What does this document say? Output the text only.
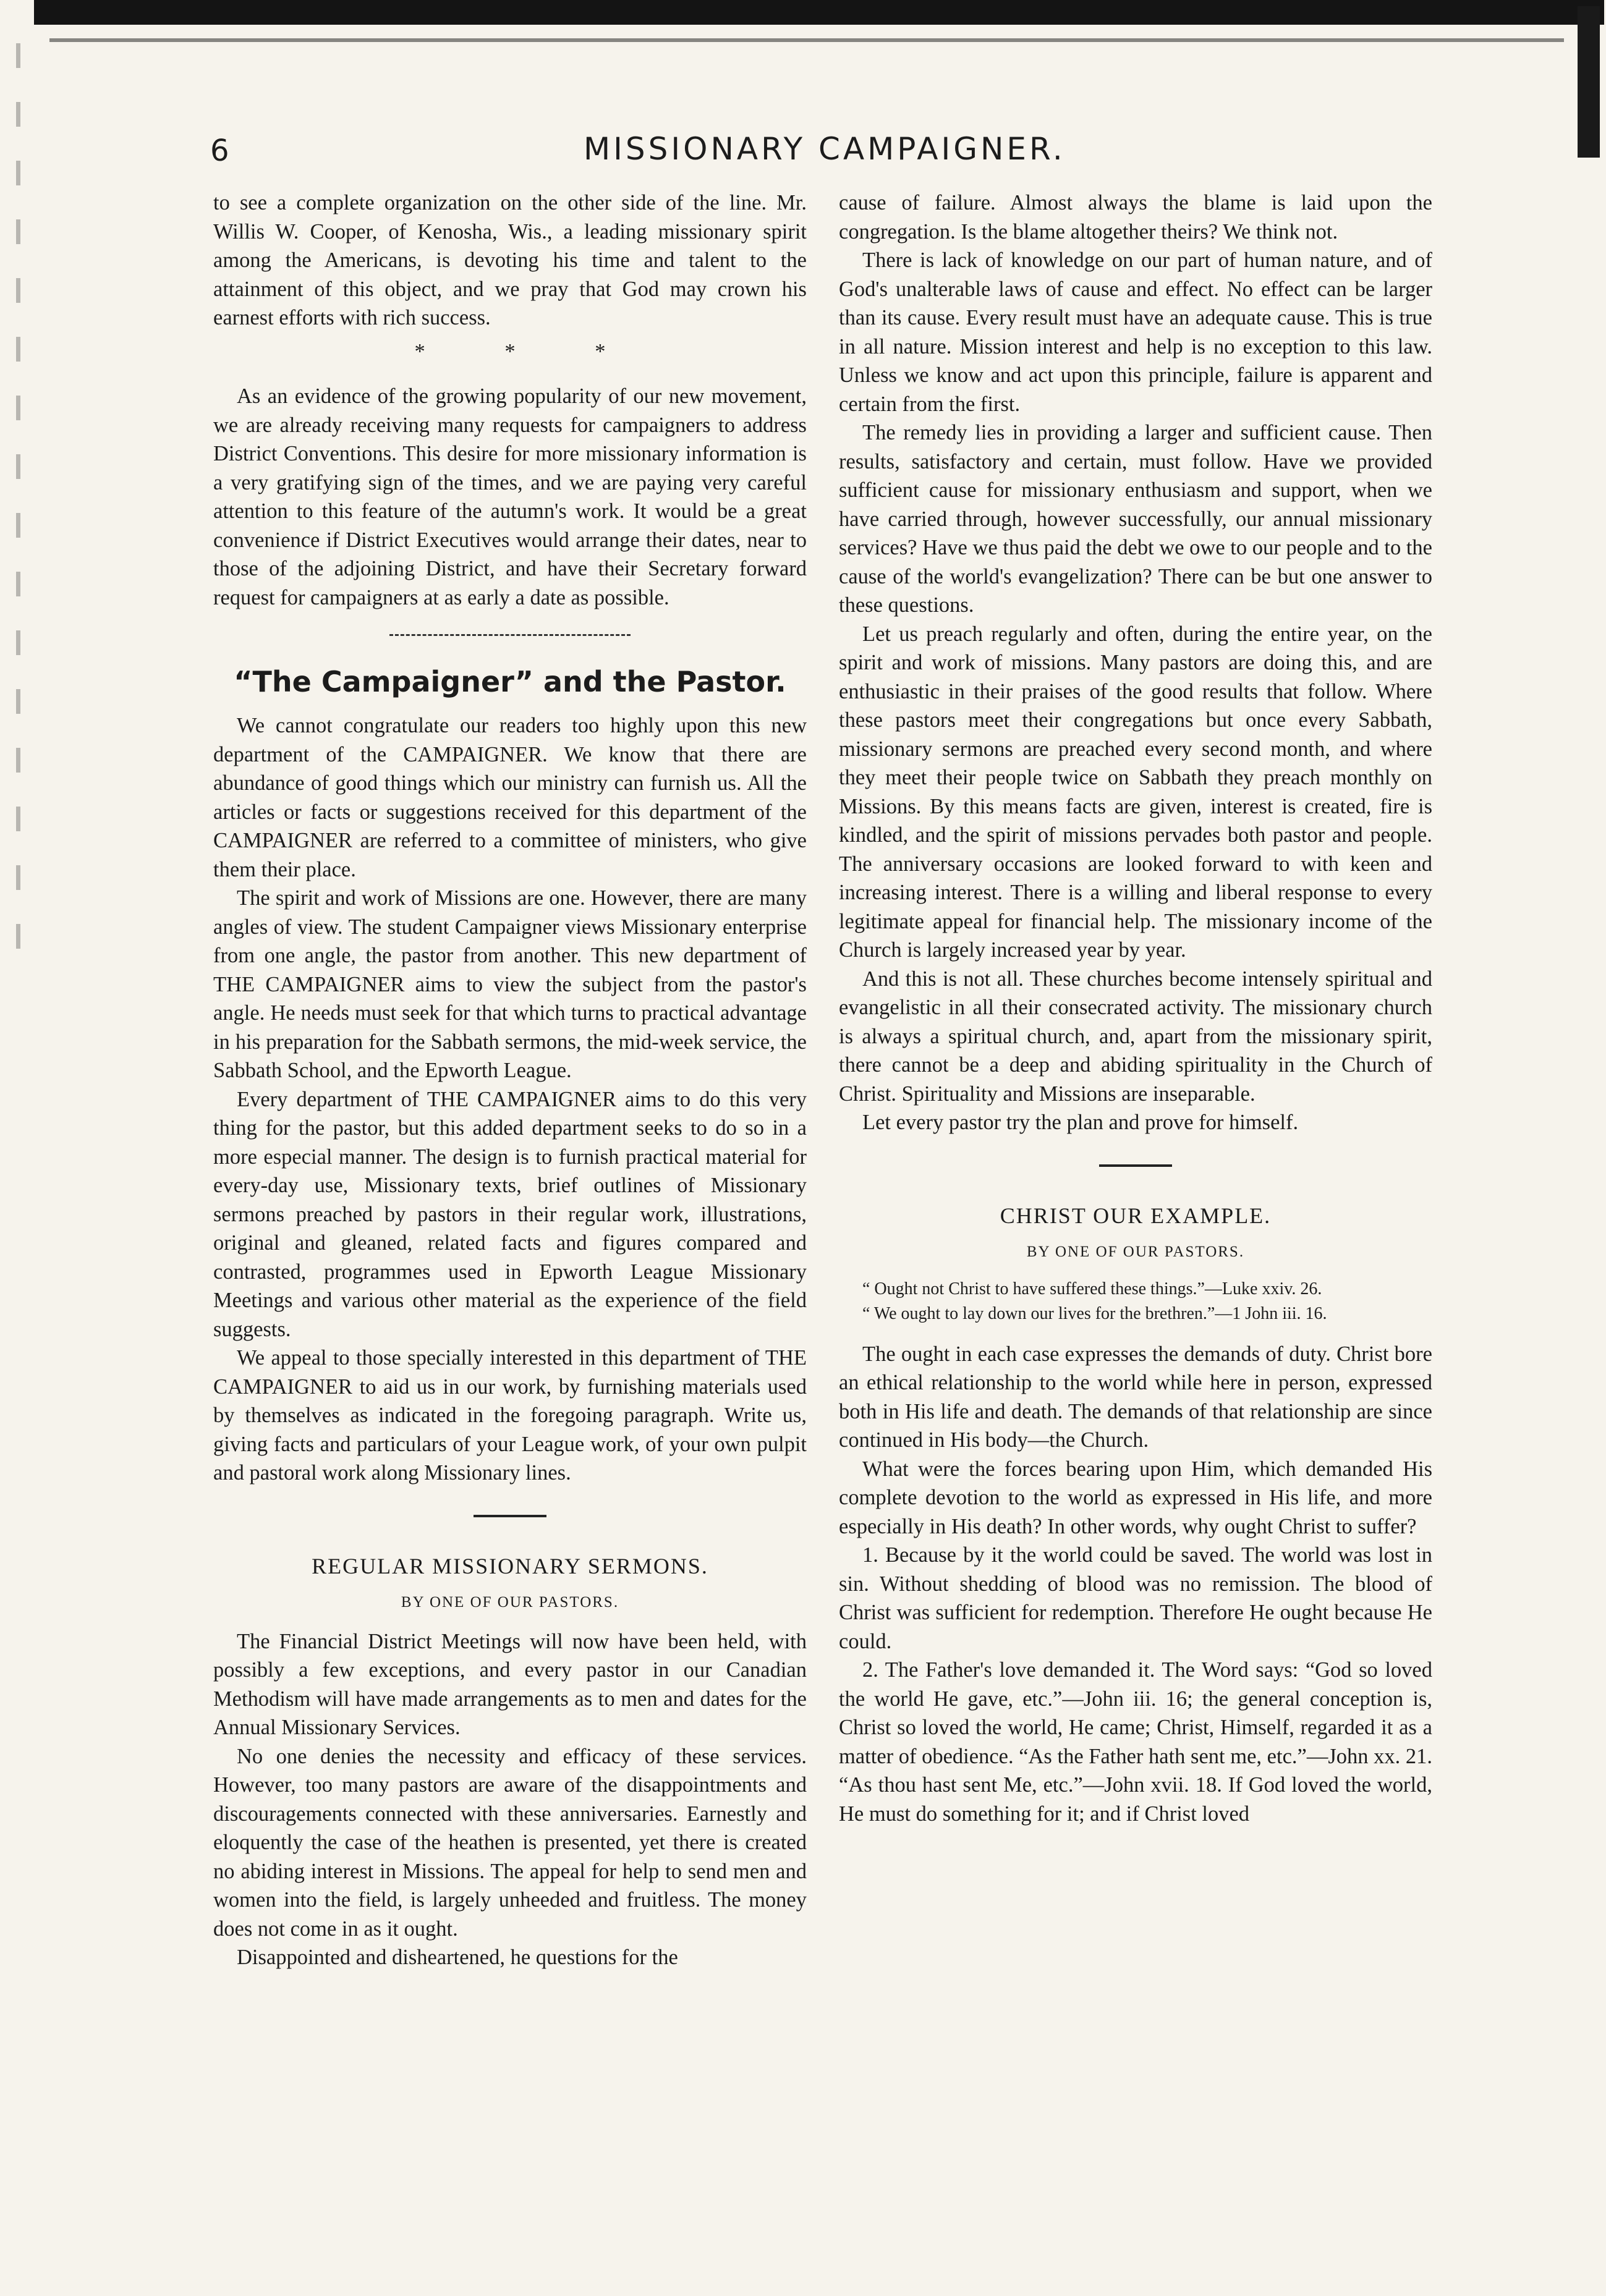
6	MISSIONARY CAMPAIGNER.

to see a complete organization on the other side of the line. Mr. Willis W. Cooper, of Kenosha, Wis., a leading missionary spirit among the Americans, is devoting his time and talent to the attainment of this object, and we pray that God may crown his earnest efforts with rich success.

* * *

As an evidence of the growing popularity of our new movement, we are already receiving many requests for campaigners to address District Conventions. This desire for more missionary information is a very gratifying sign of the times, and we are paying very careful attention to this feature of the autumn's work. It would be a great convenience if District Executives would arrange their dates, near to those of the adjoining District, and have their Secretary forward request for campaigners at as early a date as possible.

“The Campaigner” and the Pastor.

We cannot congratulate our readers too highly upon this new department of the CAMPAIGNER. We know that there are abundance of good things which our ministry can furnish us. All the articles or facts or suggestions received for this department of the CAMPAIGNER are referred to a committee of ministers, who give them their place.

The spirit and work of Missions are one. However, there are many angles of view. The student Campaigner views Missionary enterprise from one angle, the pastor from another. This new department of THE CAMPAIGNER aims to view the subject from the pastor's angle. He needs must seek for that which turns to practical advantage in his preparation for the Sabbath sermons, the mid-week service, the Sabbath School, and the Epworth League.

Every department of THE CAMPAIGNER aims to do this very thing for the pastor, but this added department seeks to do so in a more especial manner. The design is to furnish practical material for every-day use, Missionary texts, brief outlines of Missionary sermons preached by pastors in their regular work, illustrations, original and gleaned, related facts and figures compared and contrasted, programmes used in Epworth League Missionary Meetings and various other material as the experience of the field suggests.

We appeal to those specially interested in this department of THE CAMPAIGNER to aid us in our work, by furnishing materials used by themselves as indicated in the foregoing paragraph. Write us, giving facts and particulars of your League work, of your own pulpit and pastoral work along Missionary lines.

REGULAR MISSIONARY SERMONS.
BY ONE OF OUR PASTORS.

The Financial District Meetings will now have been held, with possibly a few exceptions, and every pastor in our Canadian Methodism will have made arrangements as to men and dates for the Annual Missionary Services.

No one denies the necessity and efficacy of these services. However, too many pastors are aware of the disappointments and discouragements connected with these anniversaries. Earnestly and eloquently the case of the heathen is presented, yet there is created no abiding interest in Missions. The appeal for help to send men and women into the field, is largely unheeded and fruitless. The money does not come in as it ought.

Disappointed and disheartened, he questions for the

cause of failure. Almost always the blame is laid upon the congregation. Is the blame altogether theirs? We think not.

There is lack of knowledge on our part of human nature, and of God's unalterable laws of cause and effect. No effect can be larger than its cause. Every result must have an adequate cause. This is true in all nature. Mission interest and help is no exception to this law. Unless we know and act upon this principle, failure is apparent and certain from the first.

The remedy lies in providing a larger and sufficient cause. Then results, satisfactory and certain, must follow. Have we provided sufficient cause for missionary enthusiasm and support, when we have carried through, however successfully, our annual missionary services? Have we thus paid the debt we owe to our people and to the cause of the world's evangelization? There can be but one answer to these questions.

Let us preach regularly and often, during the entire year, on the spirit and work of missions. Many pastors are doing this, and are enthusiastic in their praises of the good results that follow. Where these pastors meet their congregations but once every Sabbath, missionary sermons are preached every second month, and where they meet their people twice on Sabbath they preach monthly on Missions. By this means facts are given, interest is created, fire is kindled, and the spirit of missions pervades both pastor and people. The anniversary occasions are looked forward to with keen and increasing interest. There is a willing and liberal response to every legitimate appeal for financial help. The missionary income of the Church is largely increased year by year.

And this is not all. These churches become intensely spiritual and evangelistic in all their consecrated activity. The missionary church is always a spiritual church, and, apart from the missionary spirit, there cannot be a deep and abiding spirituality in the Church of Christ. Spirituality and Missions are inseparable.

Let every pastor try the plan and prove for himself.

CHRIST OUR EXAMPLE.
BY ONE OF OUR PASTORS.

“ Ought not Christ to have suffered these things.”—Luke xxiv. 26.

“ We ought to lay down our lives for the brethren.”—1 John iii. 16.

The ought in each case expresses the demands of duty. Christ bore an ethical relationship to the world while here in person, expressed both in His life and death. The demands of that relationship are since continued in His body—the Church.

What were the forces bearing upon Him, which demanded His complete devotion to the world as expressed in His life, and more especially in His death? In other words, why ought Christ to suffer?

1. Because by it the world could be saved. The world was lost in sin. Without shedding of blood was no remission. The blood of Christ was sufficient for redemption. Therefore He ought because He could.

2. The Father's love demanded it. The Word says: “God so loved the world He gave, etc.”—John iii. 16; the general conception is, Christ so loved the world, He came; Christ, Himself, regarded it as a matter of obedience. “As the Father hath sent me, etc.”—John xx. 21. “As thou hast sent Me, etc.”—John xvii. 18. If God loved the world, He must do something for it; and if Christ loved
